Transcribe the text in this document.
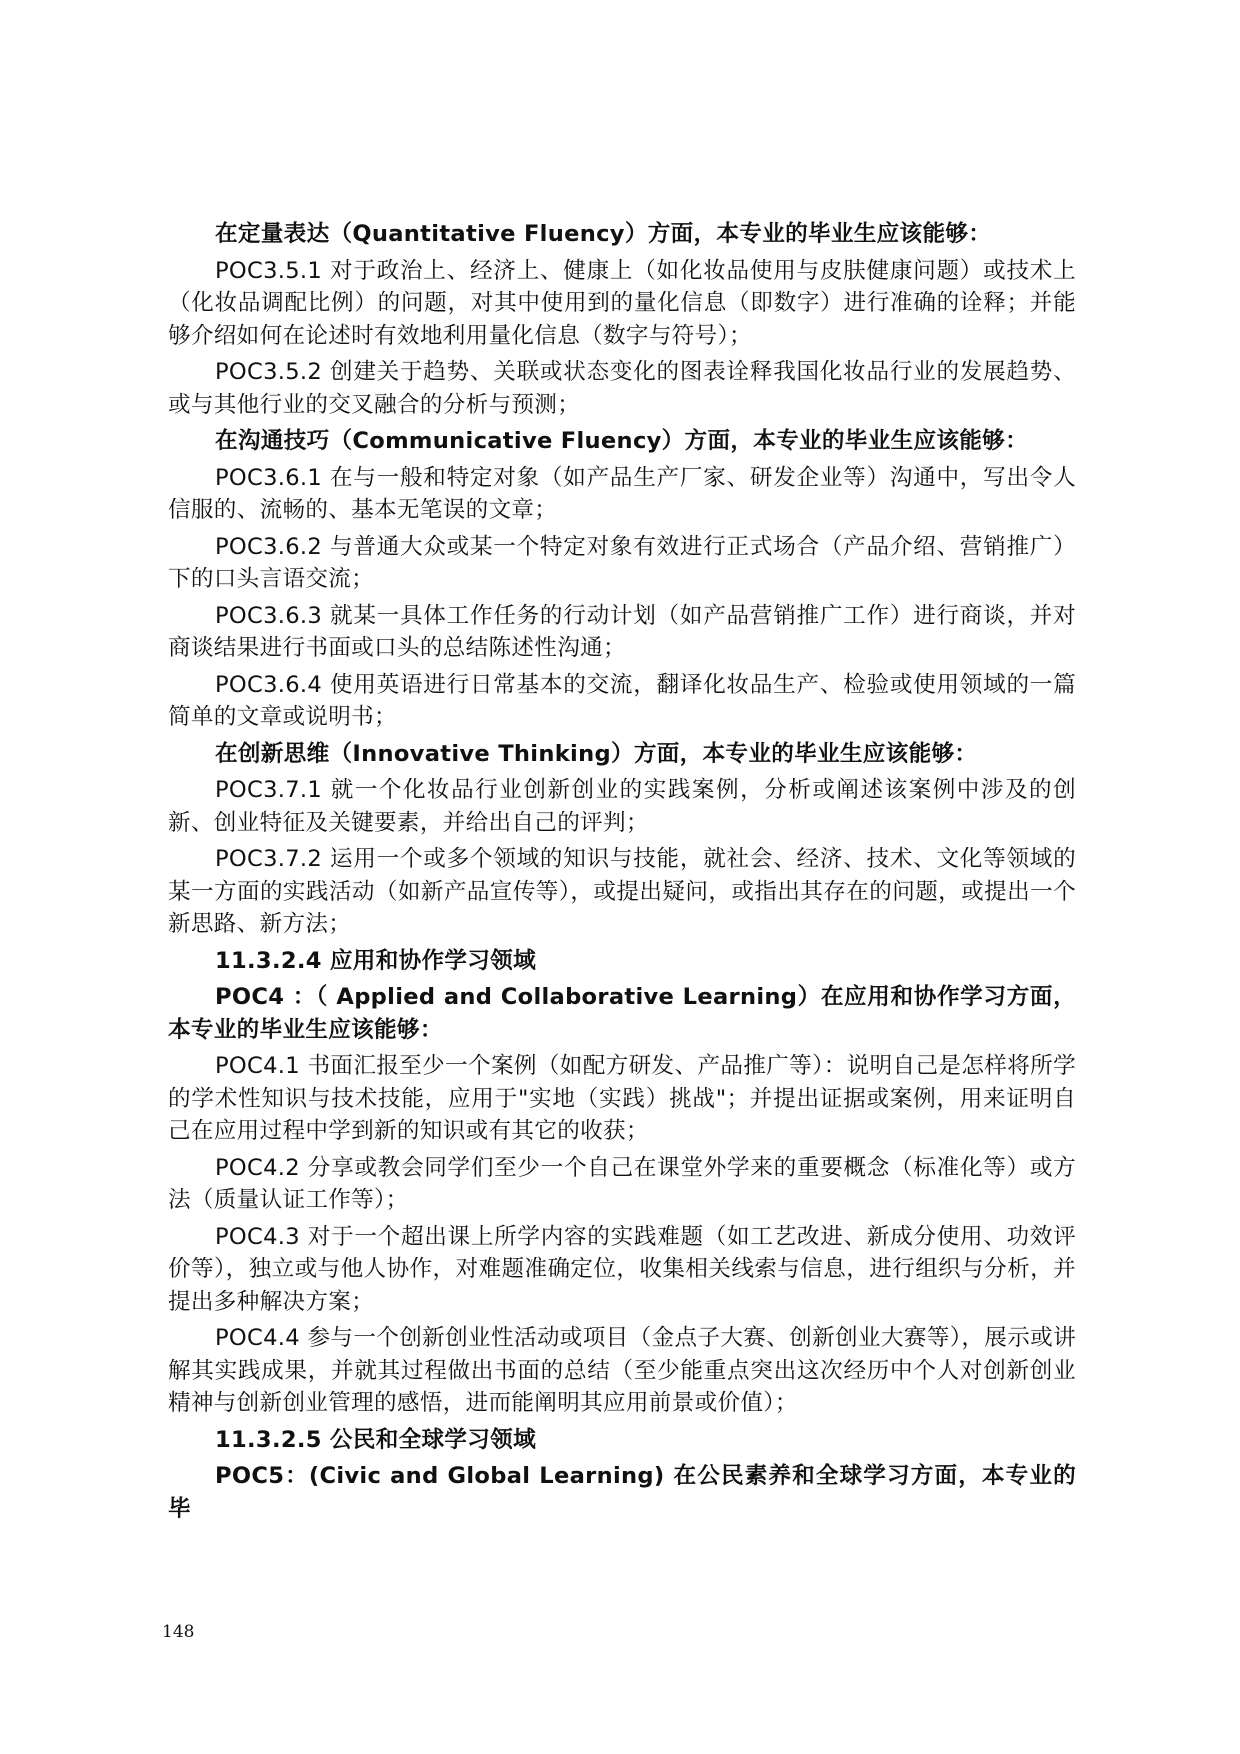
在定量表达（Quantitative Fluency）方面，本专业的毕业生应该能够：

POC3.5.1 对于政治上、经济上、健康上（如化妆品使用与皮肤健康问题）或技术上（化妆品调配比例）的问题，对其中使用到的量化信息（即数字）进行准确的诠释；并能够介绍如何在论述时有效地利用量化信息（数字与符号）；

POC3.5.2 创建关于趋势、关联或状态变化的图表诠释我国化妆品行业的发展趋势、或与其他行业的交叉融合的分析与预测；

在沟通技巧（Communicative Fluency）方面，本专业的毕业生应该能够：

POC3.6.1 在与一般和特定对象（如产品生产厂家、研发企业等）沟通中，写出令人信服的、流畅的、基本无笔误的文章；

POC3.6.2 与普通大众或某一个特定对象有效进行正式场合（产品介绍、营销推广）下的口头言语交流；

POC3.6.3 就某一具体工作任务的行动计划（如产品营销推广工作）进行商谈，并对商谈结果进行书面或口头的总结陈述性沟通；

POC3.6.4 使用英语进行日常基本的交流，翻译化妆品生产、检验或使用领域的一篇简单的文章或说明书；

在创新思维（Innovative Thinking）方面，本专业的毕业生应该能够：

POC3.7.1 就一个化妆品行业创新创业的实践案例，分析或阐述该案例中涉及的创新、创业特征及关键要素，并给出自己的评判；

POC3.7.2 运用一个或多个领域的知识与技能，就社会、经济、技术、文化等领域的某一方面的实践活动（如新产品宣传等），或提出疑问，或指出其存在的问题，或提出一个新思路、新方法；

11.3.2.4 应用和协作学习领域

POC4 ：（ Applied and Collaborative Learning）在应用和协作学习方面，本专业的毕业生应该能够：

POC4.1 书面汇报至少一个案例（如配方研发、产品推广等）：说明自己是怎样将所学的学术性知识与技术技能，应用于"实地（实践）挑战"；并提出证据或案例，用来证明自己在应用过程中学到新的知识或有其它的收获；

POC4.2 分享或教会同学们至少一个自己在课堂外学来的重要概念（标准化等）或方法（质量认证工作等）；

POC4.3 对于一个超出课上所学内容的实践难题（如工艺改进、新成分使用、功效评价等），独立或与他人协作，对难题准确定位，收集相关线索与信息，进行组织与分析，并提出多种解决方案；

POC4.4 参与一个创新创业性活动或项目（金点子大赛、创新创业大赛等），展示或讲解其实践成果，并就其过程做出书面的总结（至少能重点突出这次经历中个人对创新创业精神与创新创业管理的感悟，进而能阐明其应用前景或价值）；

11.3.2.5 公民和全球学习领域

POC5：(Civic and Global Learning) 在公民素养和全球学习方面，本专业的毕

148
